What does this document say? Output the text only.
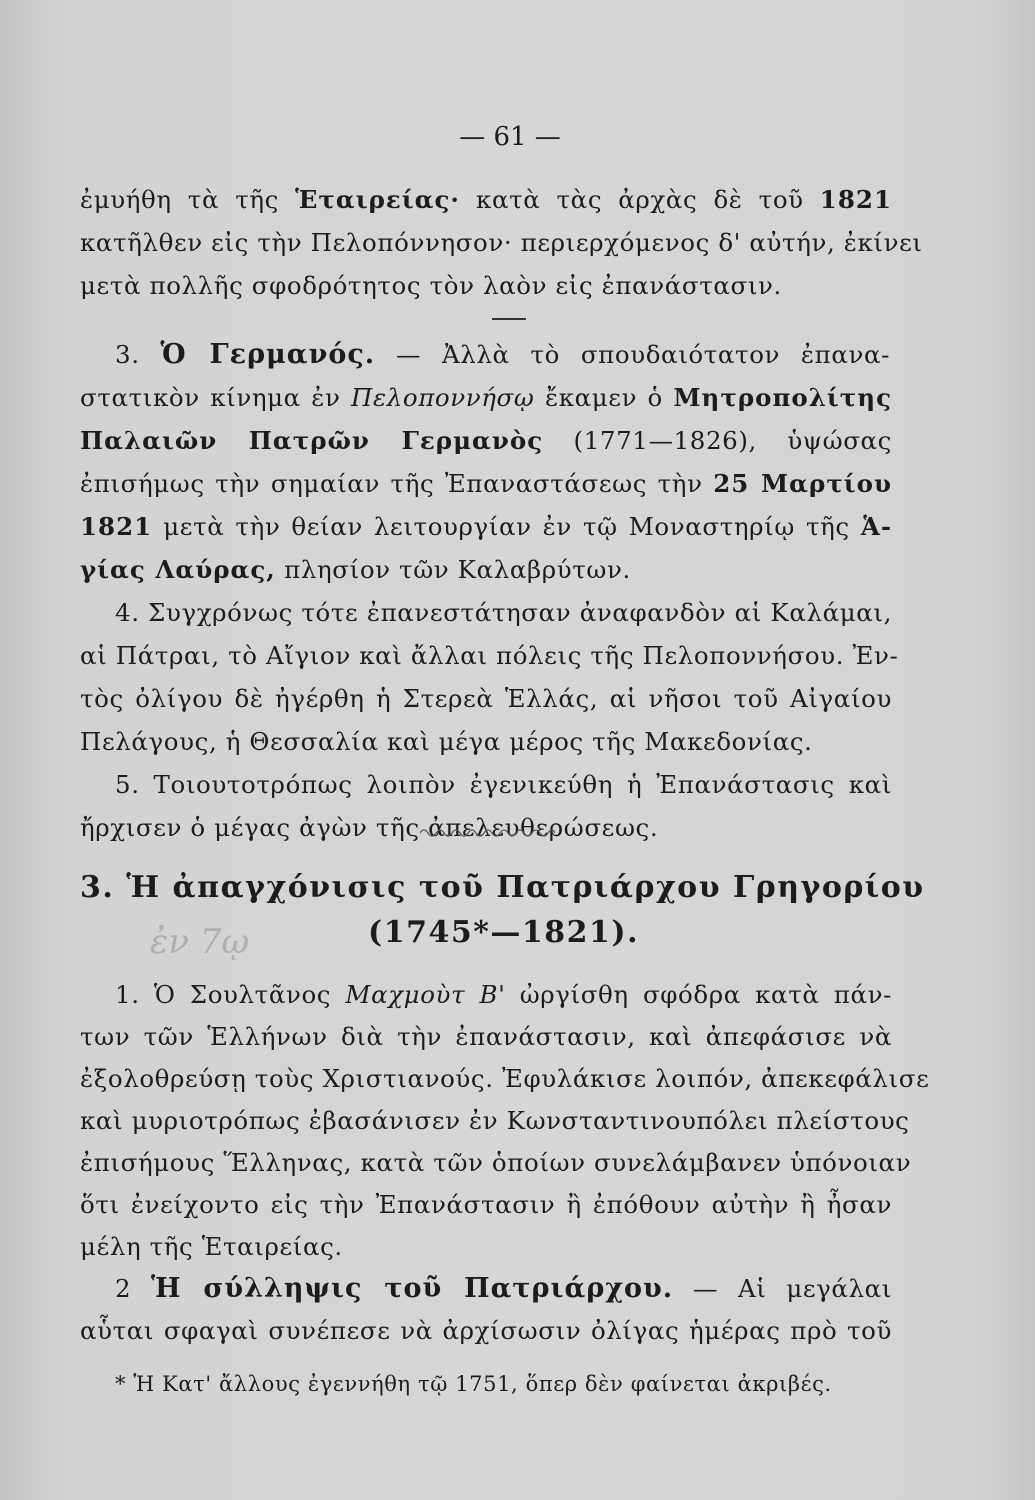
— 61 —
ἐμυήθη τὰ τῆς Ἑταιρείας· κατὰ τὰς ἀρχὰς δὲ τοῦ 1821
κατῆλθεν εἰς τὴν Πελοπόννησον· περιερχόμενος δ' αὐτήν, ἐκίνει
μετὰ πολλῆς σφοδρότητος τὸν λαὸν εἰς ἐπανάστασιν.
3. Ὁ Γερμανός. — Ἀλλὰ τὸ σπουδαιότατον ἐπανα-
στατικὸν κίνημα ἐν Πελοποννήσῳ ἔκαμεν ὁ Μητροπολίτης
Παλαιῶν Πατρῶν Γερμανὸς (1771—1826), ὑψώσας
ἐπισήμως τὴν σημαίαν τῆς Ἐπαναστάσεως τὴν 25 Μαρτίου
1821 μετὰ τὴν θείαν λειτουργίαν ἐν τῷ Μοναστηρίῳ τῆς Ἁ-
γίας Λαύρας, πλησίον τῶν Καλαβρύτων.
4. Συγχρόνως τότε ἐπανεστάτησαν ἀναφανδὸν αἱ Καλάμαι,
αἱ Πάτραι, τὸ Αἴγιον καὶ ἄλλαι πόλεις τῆς Πελοποννήσου. Ἐν-
τὸς ὀλίγου δὲ ἠγέρθη ἡ Στερεὰ Ἑλλάς, αἱ νῆσοι τοῦ Αἰγαίου
Πελάγους, ἡ Θεσσαλία καὶ μέγα μέρος τῆς Μακεδονίας.
5. Τοιουτοτρόπως λοιπὸν ἐγενικεύθη ἡ Ἐπανάστασις καὶ
ἤρχισεν ὁ μέγας ἀγὼν τῆς ἀπελευθερώσεως.
3. Ἡ ἀπαγχόνισις τοῦ Πατριάρχου Γρηγορίου
(1745*—1821).
ἐν 7ῳ
1. Ὁ Σουλτᾶνος Μαχμοὺτ Β' ὠργίσθη σφόδρα κατὰ πάν-
των τῶν Ἑλλήνων διὰ τὴν ἐπανάστασιν, καὶ ἀπεφάσισε νὰ
ἐξολοθρεύσῃ τοὺς Χριστιανούς. Ἐφυλάκισε λοιπόν, ἀπεκεφάλισε
καὶ μυριοτρόπως ἐβασάνισεν ἐν Κωνσταντινουπόλει πλείστους
ἐπισήμους Ἕλληνας, κατὰ τῶν ὁποίων συνελάμβανεν ὑπόνοιαν
ὅτι ἐνείχοντο εἰς τὴν Ἐπανάστασιν ἢ ἐπόθουν αὐτὴν ἢ ἦσαν
μέλη τῆς Ἑταιρείας.
2 Ἡ σύλληψις τοῦ Πατριάρχου. — Αἱ μεγάλαι
αὗται σφαγαὶ συνέπεσε νὰ ἀρχίσωσιν ὀλίγας ἡμέρας πρὸ τοῦ
* Ἡ Κατ' ἄλλους ἐγεννήθη τῷ 1751, ὅπερ δὲν φαίνεται ἀκριβές.
